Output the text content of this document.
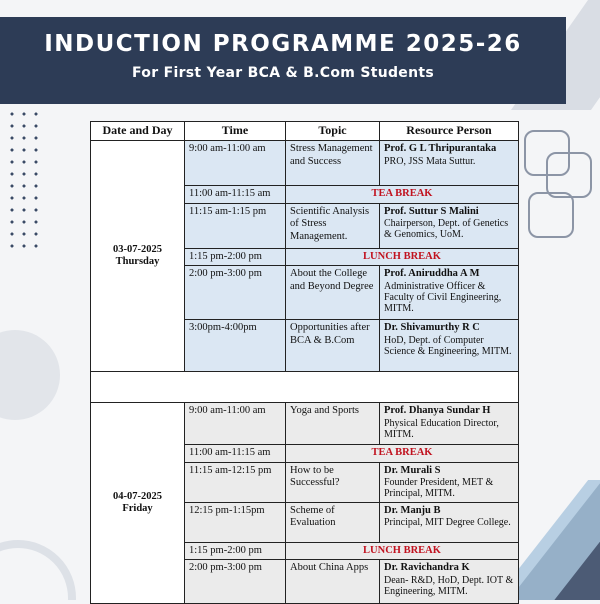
INDUCTION PROGRAMME 2025-26
For First Year BCA & B.Com Students
Date and Day	Time	Topic	Resource Person
03-07-2025
Thursday	9:00 am-11:00 am	Stress Management and Success	Prof. G L Thripurantaka
PRO, JSS Mata Suttur.

	11:00 am-11:15 am	TEA BREAK	
	11:15 am-1:15 pm	Scientific Analysis of Stress Management.	Prof. Suttur S Malini
Chairperson, Dept. of Genetics & Genomics, UoM.

	1:15 pm-2:00 pm	LUNCH BREAK	
	2:00 pm-3:00 pm	About the College and Beyond Degree	Prof. Aniruddha A M
Administrative Officer & Faculty of Civil Engineering, MITM.

	3:00pm-4:00pm	Opportunities after BCA & B.Com	Dr. Shivamurthy R C
HoD, Dept. of Computer Science & Engineering, MITM.

04-07-2025
Friday	9:00 am-11:00 am	Yoga and Sports	Prof. Dhanya Sundar H
Physical Education Director, MITM.

	11:00 am-11:15 am	TEA BREAK	
	11:15 am-12:15 pm	How to be Successful?	Dr. Murali S
Founder President, MET & Principal, MITM.

	12:15 pm-1:15pm	Scheme of Evaluation	Dr. Manju B
Principal, MIT Degree College.

	1:15 pm-2:00 pm	LUNCH BREAK	
	2:00 pm-3:00 pm	About China Apps	Dr. Ravichandra K
Dean- R&D, HoD, Dept. IOT & Engineering, MITM.
